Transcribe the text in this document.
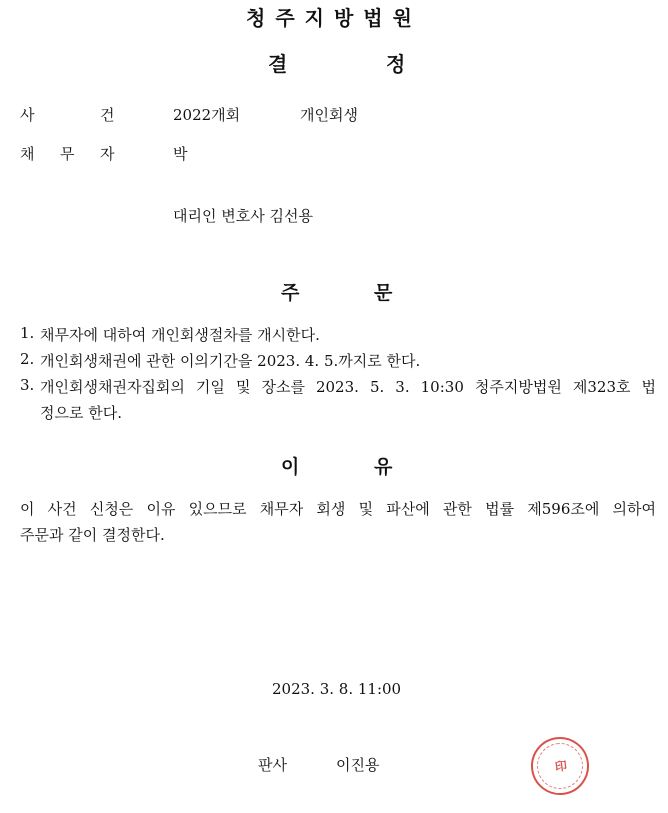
청주지방법원
결	정
사	건	2022개회	개인회생
채 무 자	박
대리인 변호사 김선용
주	문
1. 채무자에 대하여 개인회생절차를 개시한다.
2. 개인회생채권에 관한 이의기간을 2023. 4. 5.까지로 한다.
3. 개인회생채권자집회의 기일 및 장소를 2023. 5. 3. 10:30 청주지방법원 제323호 법
정으로 한다.
이	유
이 사건 신청은 이유 있으므로 채무자 회생 및 파산에 관한 법률 제596조에 의하여
주문과 같이 결정한다.
2023. 3. 8. 11:00
판사	이진용	印
